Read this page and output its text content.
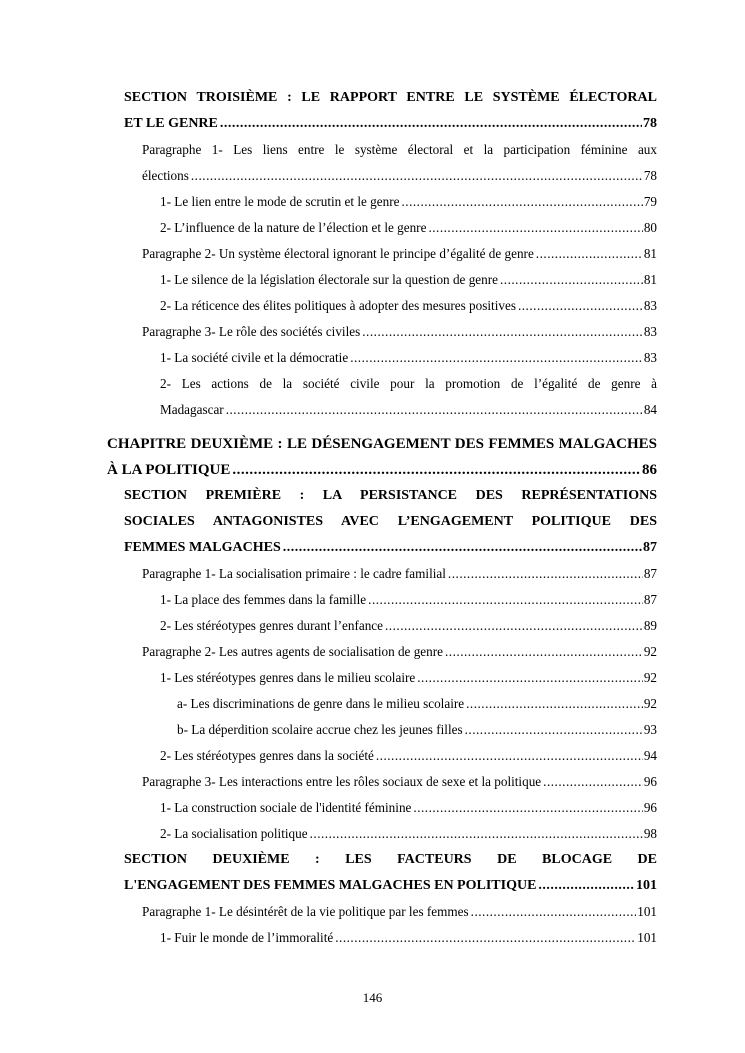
SECTION TROISIÈME : LE RAPPORT ENTRE LE SYSTÈME ÉLECTORAL
ET LE GENRE .....	78
Paragraphe 1- Les liens entre le système électoral et la participation féminine aux
élections .....	78
1- Le lien entre le mode de scrutin et le genre .....	79
2- L’influence de la nature de l’élection et le genre .....	80
Paragraphe 2- Un système électoral ignorant le principe d’égalité de genre .....	81
1- Le silence de la législation électorale sur la question de genre .....	81
2- La réticence des élites politiques à adopter des mesures positives .....	83
Paragraphe 3- Le rôle des sociétés civiles .....	83
1- La société civile et la démocratie .....	83
2- Les actions de la société civile pour la promotion de l’égalité de genre à
Madagascar .....	84
CHAPITRE DEUXIÈME : LE DÉSENGAGEMENT DES FEMMES MALGACHES
À LA POLITIQUE .....	86
SECTION PREMIÈRE : LA PERSISTANCE DES REPRÉSENTATIONS
SOCIALES ANTAGONISTES AVEC L’ENGAGEMENT POLITIQUE DES
FEMMES MALGACHES .....	87
Paragraphe 1- La socialisation primaire : le cadre familial .....	87
1- La place des femmes dans la famille .....	87
2- Les stéréotypes genres durant l’enfance .....	89
Paragraphe 2- Les autres agents de socialisation de genre .....	92
1- Les stéréotypes genres dans le milieu scolaire .....	92
a- Les discriminations de genre dans le milieu scolaire .....	92
b- La déperdition scolaire accrue chez les jeunes filles .....	93
2- Les stéréotypes genres dans la société .....	94
Paragraphe 3- Les interactions entre les rôles sociaux de sexe et la politique .....	96
1- La construction sociale de l'identité féminine .....	96
2- La socialisation politique .....	98
SECTION DEUXIÈME : LES FACTEURS DE BLOCAGE DE
L'ENGAGEMENT DES FEMMES MALGACHES EN POLITIQUE .....	101
Paragraphe 1- Le désintérêt de la vie politique par les femmes .....	101
1- Fuir le monde de l’immoralité .....	101
146
